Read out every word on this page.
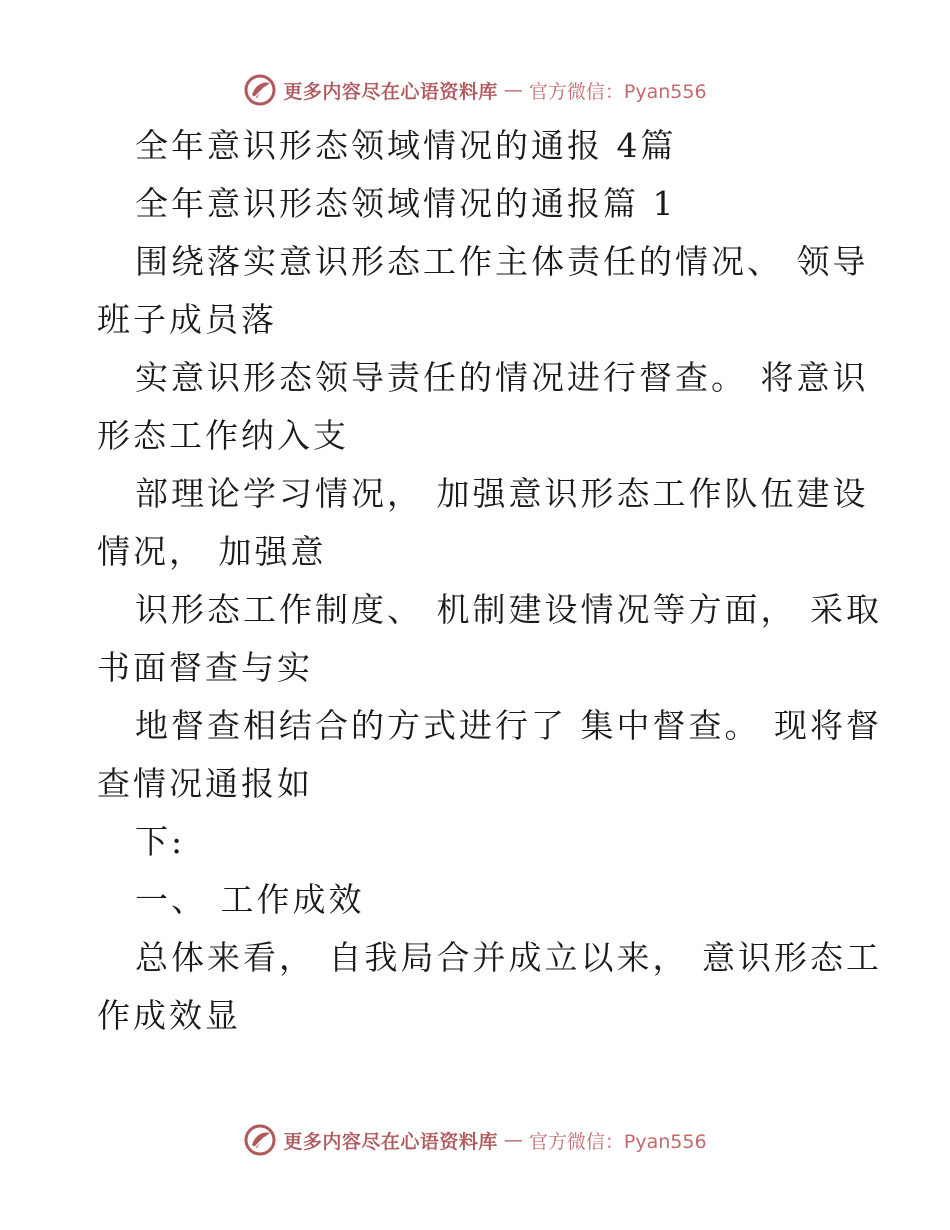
更多内容尽在心语资料库 — 官方微信：Pyan556
全年意识形态领域情况的通报 4篇
全年意识形态领域情况的通报篇 1
围绕落实意识形态工作主体责任的情况、 领导
班子成员落
实意识形态领导责任的情况进行督查。 将意识
形态工作纳入支
部理论学习情况， 加强意识形态工作队伍建设
情况， 加强意
识形态工作制度、 机制建设情况等方面， 采取
书面督查与实
地督查相结合的方式进行了 集中督查。 现将督
查情况通报如
下:
一、 工作成效
总体来看， 自我局合并成立以来， 意识形态工
作成效显
更多内容尽在心语资料库 — 官方微信：Pyan556
